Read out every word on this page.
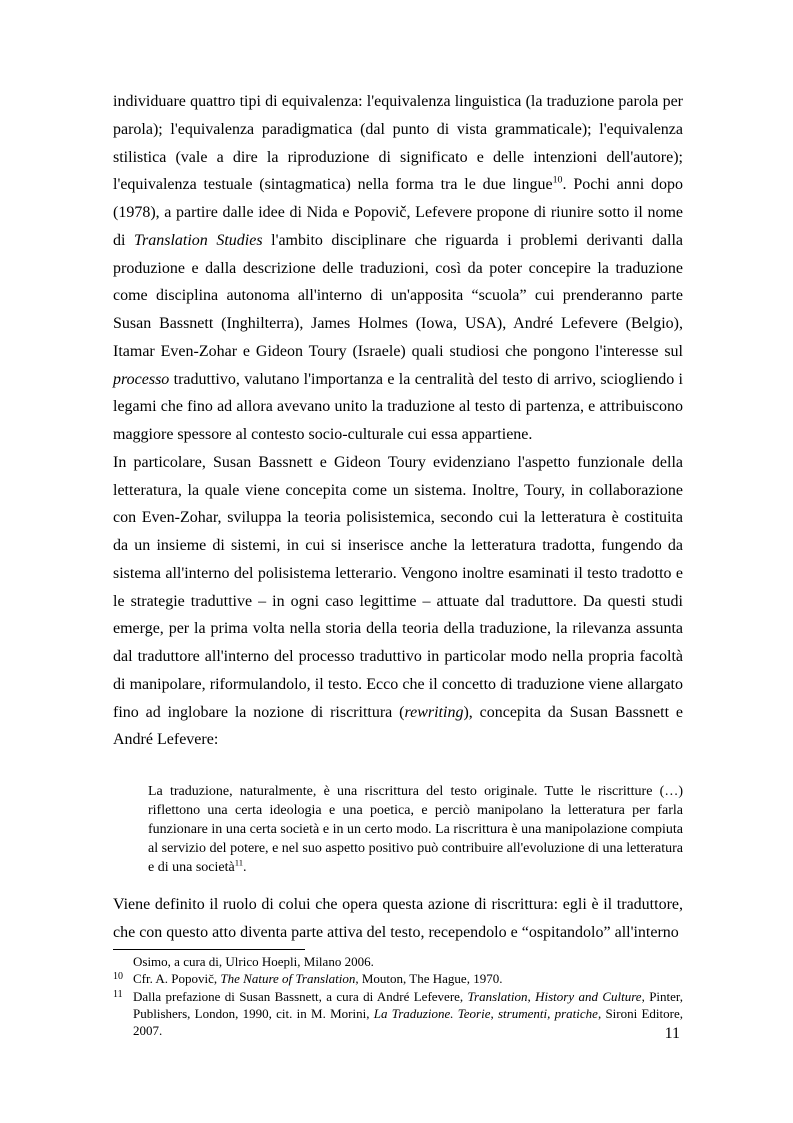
individuare quattro tipi di equivalenza: l'equivalenza linguistica (la traduzione parola per parola); l'equivalenza paradigmatica (dal punto di vista grammaticale); l'equivalenza stilistica (vale a dire la riproduzione di significato e delle intenzioni dell'autore); l'equivalenza testuale (sintagmatica) nella forma tra le due lingue$^{10}$. Pochi anni dopo (1978), a partire dalle idee di Nida e Popovič, Lefevere propone di riunire sotto il nome di Translation Studies l'ambito disciplinare che riguarda i problemi derivanti dalla produzione e dalla descrizione delle traduzioni, così da poter concepire la traduzione come disciplina autonoma all'interno di un'apposita “scuola” cui prenderanno parte Susan Bassnett (Inghilterra), James Holmes (Iowa, USA), André Lefevere (Belgio), Itamar Even-Zohar e Gideon Toury (Israele) quali studiosi che pongono l'interesse sul processo traduttivo, valutano l'importanza e la centralità del testo di arrivo, sciogliendo i legami che fino ad allora avevano unito la traduzione al testo di partenza, e attribuiscono maggiore spessore al contesto socio-culturale cui essa appartiene.

In particolare, Susan Bassnett e Gideon Toury evidenziano l'aspetto funzionale della letteratura, la quale viene concepita come un sistema. Inoltre, Toury, in collaborazione con Even-Zohar, sviluppa la teoria polisistemica, secondo cui la letteratura è costituita da un insieme di sistemi, in cui si inserisce anche la letteratura tradotta, fungendo da sistema all'interno del polisistema letterario. Vengono inoltre esaminati il testo tradotto e le strategie traduttive – in ogni caso legittime – attuate dal traduttore. Da questi studi emerge, per la prima volta nella storia della teoria della traduzione, la rilevanza assunta dal traduttore all'interno del processo traduttivo in particolar modo nella propria facoltà di manipolare, riformulandolo, il testo. Ecco che il concetto di traduzione viene allargato fino ad inglobare la nozione di riscrittura (rewriting), concepita da Susan Bassnett e André Lefevere:

La traduzione, naturalmente, è una riscrittura del testo originale. Tutte le riscritture (…) riflettono una certa ideologia e una poetica, e perciò manipolano la letteratura per farla funzionare in una certa società e in un certo modo. La riscrittura è una manipolazione compiuta al servizio del potere, e nel suo aspetto positivo può contribuire all'evoluzione di una letteratura e di una società$^{11}$.

Viene definito il ruolo di colui che opera questa azione di riscrittura: egli è il traduttore, che con questo atto diventa parte attiva del testo, recependolo e “ospitandolo” all'interno

Osimo, a cura di, Ulrico Hoepli, Milano 2006.
10 Cfr. A. Popovič, The Nature of Translation, Mouton, The Hague, 1970.
11 Dalla prefazione di Susan Bassnett, a cura di André Lefevere, Translation, History and Culture, Pinter, Publishers, London, 1990, cit. in M. Morini, La Traduzione. Teorie, strumenti, pratiche, Sironi Editore, 2007.	11
